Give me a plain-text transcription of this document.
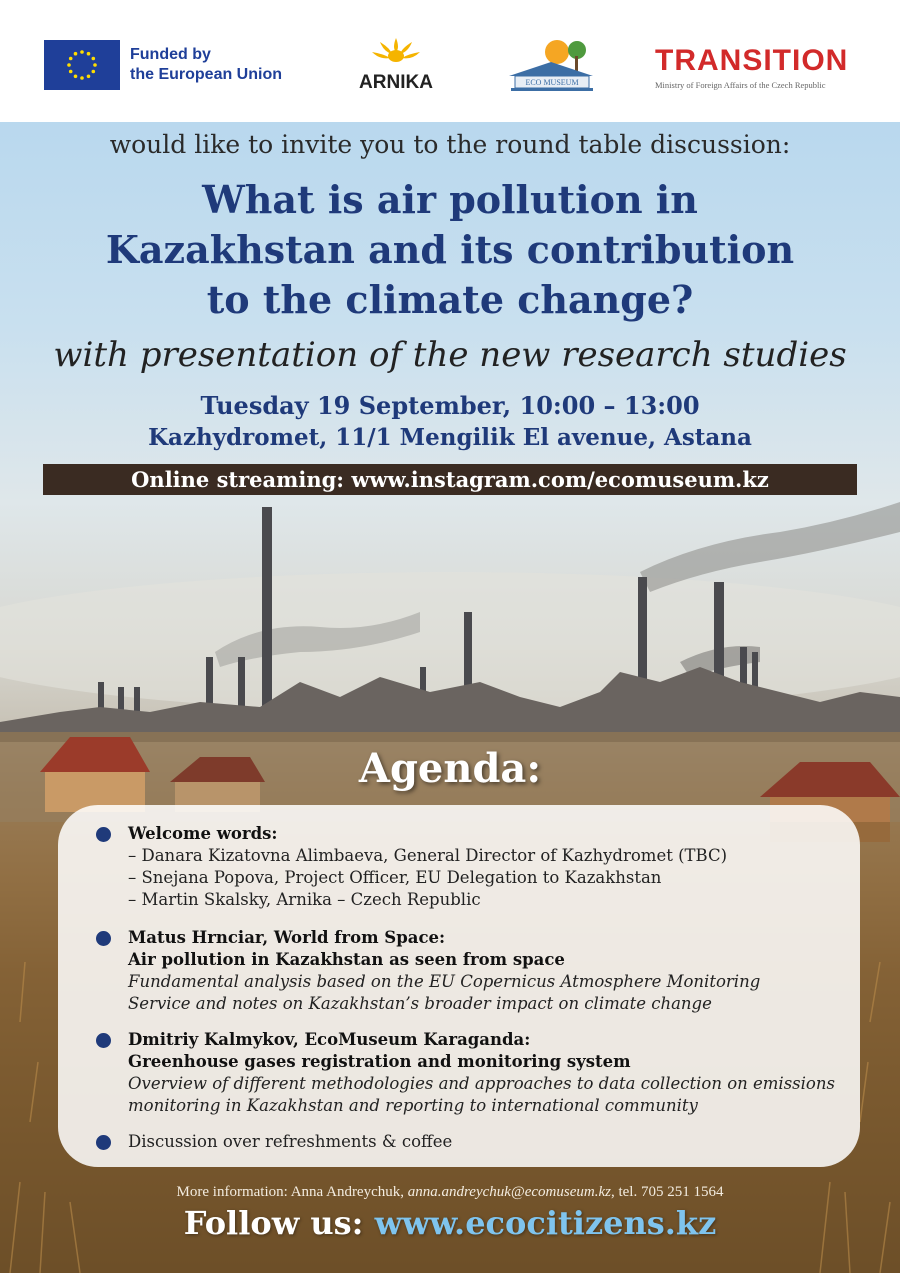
Funded by
the European Union	ARNIKA	ECO MUSEUM
TRANSITION
Ministry of Foreign Affairs of the Czech Republic
would like to invite you to the round table discussion:
What is air pollution in
Kazakhstan and its contribution
to the climate change?
with presentation of the new research studies
Tuesday 19 September, 10:00 – 13:00
Kazhydromet, 11/1 Mengilik El avenue, Astana
Online streaming: www.instagram.com/ecomuseum.kz
Agenda:
Welcome words:
– Danara Kizatovna Alimbaeva, General Director of Kazhydromet (TBC)
– Snejana Popova, Project Officer, EU Delegation to Kazakhstan
– Martin Skalsky, Arnika – Czech Republic
Matus Hrnciar, World from Space:
Air pollution in Kazakhstan as seen from space
Fundamental analysis based on the EU Copernicus Atmosphere Monitoring
Service and notes on Kazakhstan’s broader impact on climate change
Dmitriy Kalmykov, EcoMuseum Karaganda:
Greenhouse gases registration and monitoring system
Overview of different methodologies and approaches to data collection on emissions
monitoring in Kazakhstan and reporting to international community
Discussion over refreshments & coffee
More information: Anna Andreychuk, anna.andreychuk@ecomuseum.kz, tel. 705 251 1564
Follow us: www.ecocitizens.kz
